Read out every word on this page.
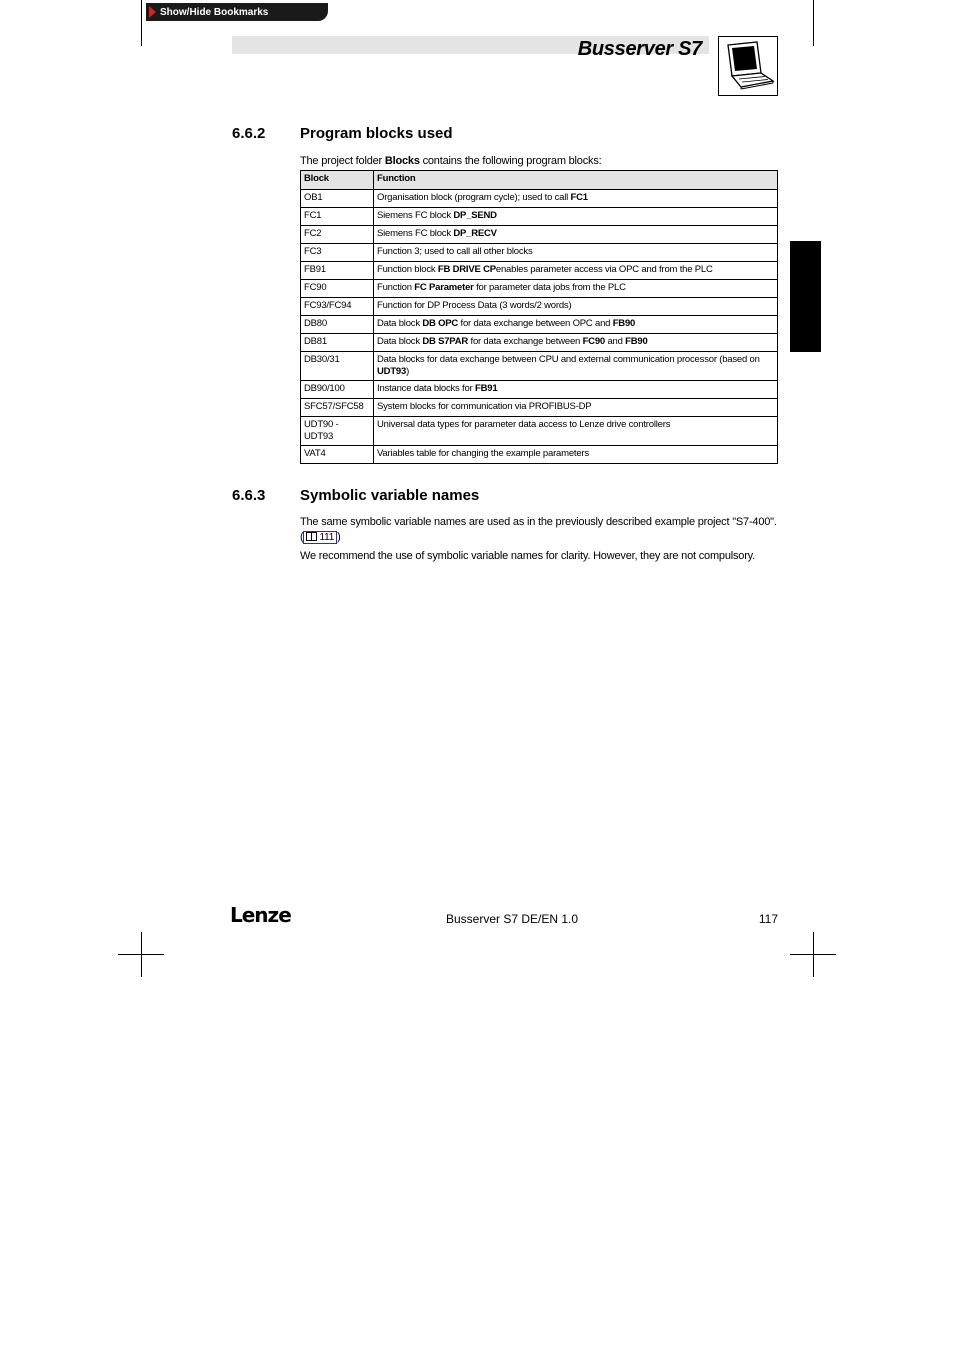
Show/Hide Bookmarks
Busserver S7
6.6.2 Program blocks used
The project folder Blocks contains the following program blocks:
Block	Function
OB1	Organisation block (program cycle); used to call FC1
FC1	Siemens FC block DP_SEND
FC2	Siemens FC block DP_RECV
FC3	Function 3; used to call all other blocks
FB91	Function block FB DRIVE CPenables parameter access via OPC and from the PLC
FC90	Function FC Parameter for parameter data jobs from the PLC
FC93/FC94	Function for DP Process Data (3 words/2 words)
DB80	Data block DB OPC for data exchange between OPC and FB90
DB81	Data block DB S7PAR for data exchange between FC90 and FB90
DB30/31	Data blocks for data exchange between CPU and external communication processor (based on UDT93)
DB90/100	Instance data blocks for FB91
SFC57/SFC58	System blocks for communication via PROFIBUS-DP
UDT90 - UDT93	Universal data types for parameter data access to Lenze drive controllers
VAT4	Variables table for changing the example parameters
6.6.3 Symbolic variable names
The same symbolic variable names are used as in the previously described example project "S7-400".
( 111 )
We recommend the use of symbolic variable names for clarity. However, they are not compulsory.
Lenze	Busserver S7 DE/EN 1.0	117
